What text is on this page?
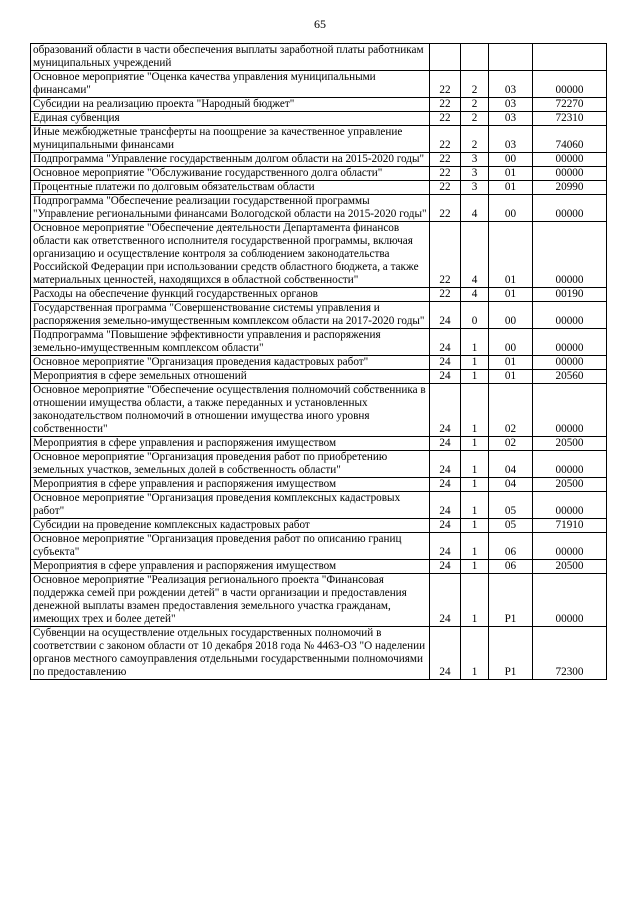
65
образований области в части обеспечения выплаты заработной платы работникам муниципальных учреждений				
Основное мероприятие "Оценка качества управления муниципальными финансами"	22	2	03	00000
Субсидии на реализацию проекта "Народный бюджет"	22	2	03	72270
Единая субвенция	22	2	03	72310
Иные межбюджетные трансферты на поощрение за качественное управление муниципальными финансами	22	2	03	74060
Подпрограмма "Управление государственным долгом области на 2015-2020 годы"	22	3	00	00000
Основное мероприятие "Обслуживание государственного долга области"	22	3	01	00000
Процентные платежи по долговым обязательствам области	22	3	01	20990
Подпрограмма "Обеспечение реализации государственной программы "Управление региональными финансами Вологодской области на 2015-2020 годы"	22	4	00	00000
Основное мероприятие "Обеспечение деятельности Департамента финансов области как ответственного исполнителя государственной программы, включая организацию и осуществление контроля за соблюдением законодательства Российской Федерации при использовании средств областного бюджета, а также материальных ценностей, находящихся в областной собственности"	22	4	01	00000
Расходы на обеспечение функций государственных органов	22	4	01	00190
Государственная программа "Совершенствование системы управления и распоряжения земельно-имущественным комплексом области на 2017-2020 годы"	24	0	00	00000
Подпрограмма "Повышение эффективности управления и распоряжения земельно-имущественным комплексом области"	24	1	00	00000
Основное мероприятие "Организация проведения кадастровых работ"	24	1	01	00000
Мероприятия в сфере земельных отношений	24	1	01	20560
Основное мероприятие "Обеспечение осуществления полномочий собственника в отношении имущества области, а также переданных и установленных законодательством полномочий в отношении имущества иного уровня собственности"	24	1	02	00000
Мероприятия в сфере управления и распоряжения имуществом	24	1	02	20500
Основное мероприятие "Организация проведения работ по приобретению земельных участков, земельных долей в собственность области"	24	1	04	00000
Мероприятия в сфере управления и распоряжения имуществом	24	1	04	20500
Основное мероприятие "Организация проведения комплексных кадастровых работ"	24	1	05	00000
Субсидии на проведение комплексных кадастровых работ	24	1	05	71910
Основное мероприятие "Организация проведения работ по описанию границ субъекта"	24	1	06	00000
Мероприятия в сфере управления и распоряжения имуществом	24	1	06	20500
Основное мероприятие "Реализация регионального проекта "Финансовая поддержка семей при рождении детей" в части организации и предоставления денежной выплаты взамен предоставления земельного участка гражданам, имеющих трех и более детей"	24	1	P1	00000
Субвенции на осуществление отдельных государственных полномочий в соответствии с законом области от 10 декабря 2018 года № 4463-ОЗ "О наделении органов местного самоуправления отдельными государственными полномочиями по предоставлению	24	1	P1	72300
